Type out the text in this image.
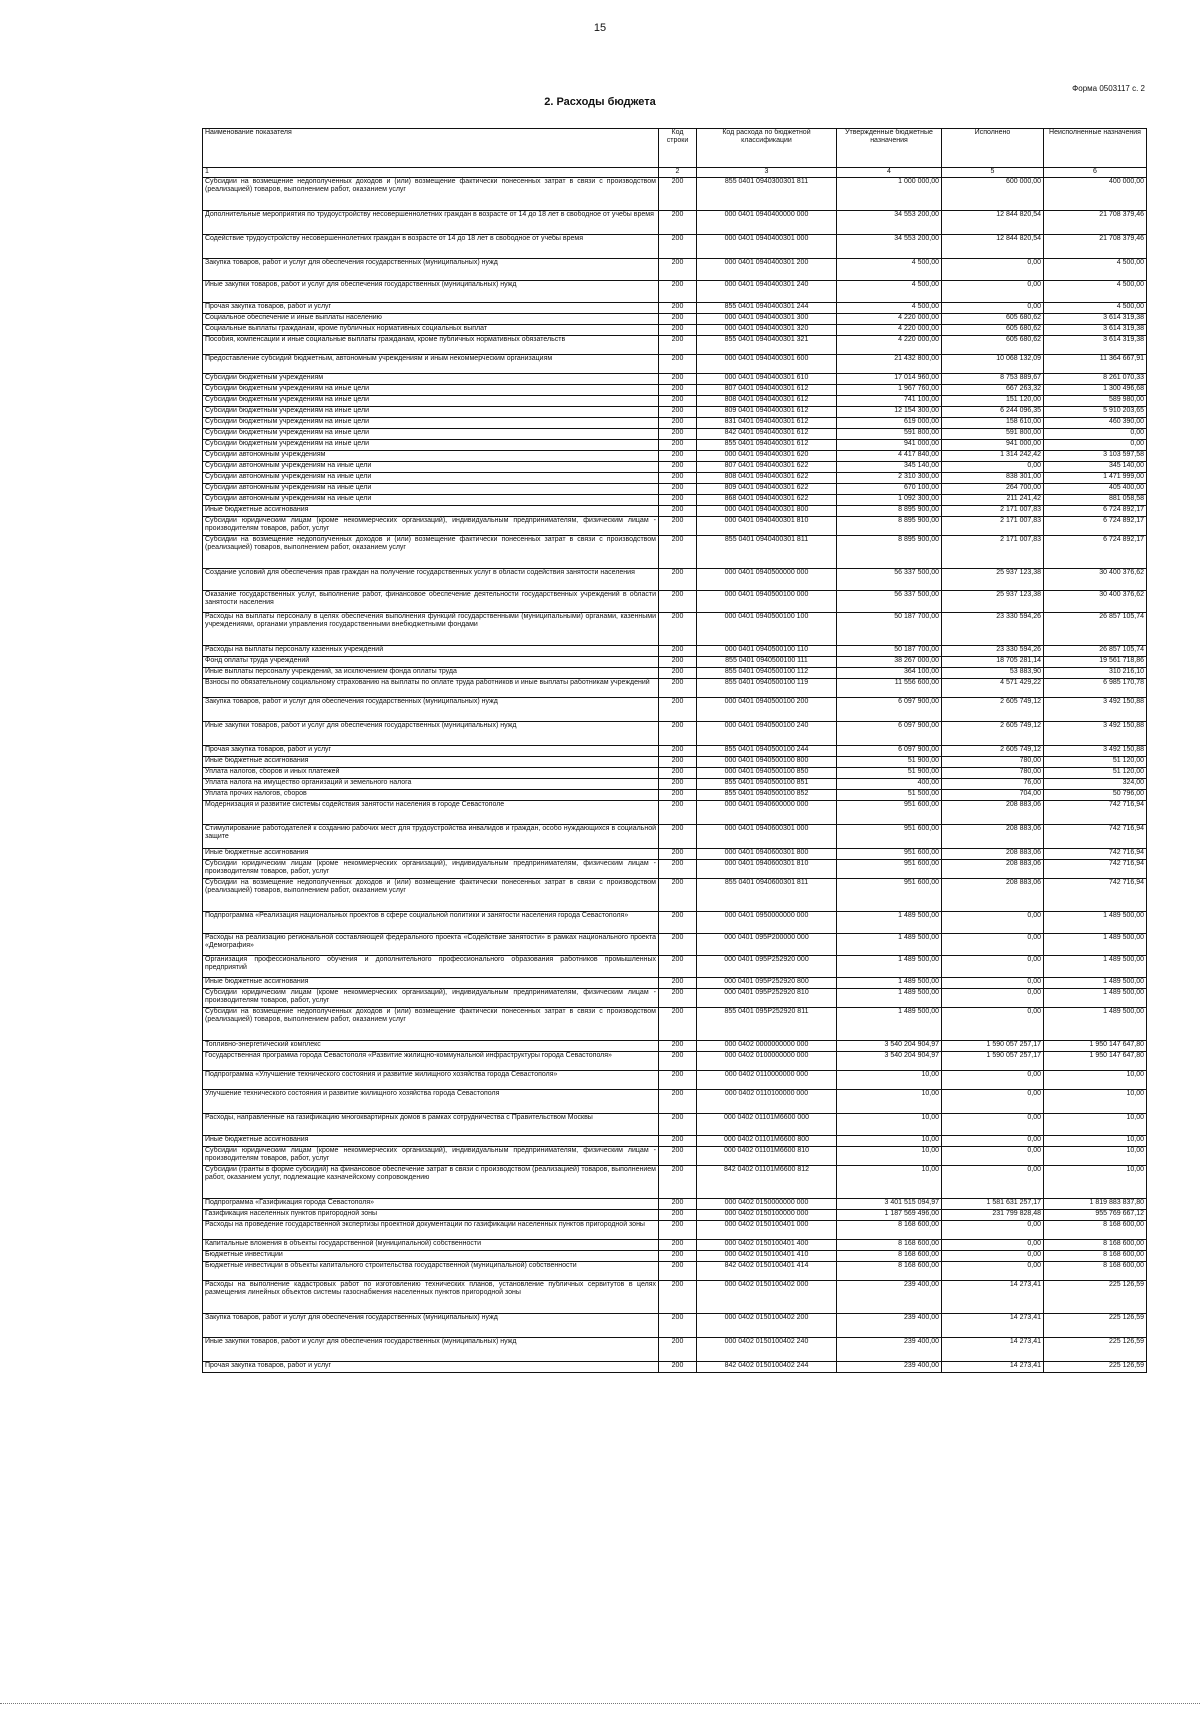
15
Форма 0503117 с. 2
2. Расходы бюджета
Наименование показателя	Код строки	Код расхода по бюджетной классификации	Утвержденные бюджетные назначения	Исполнено	Неисполненные назначения
1	2	3	4	5	6
Субсидии на возмещение недополученных доходов и (или) возмещение фактически понесенных затрат в связи с производством (реализацией) товаров, выполнением работ, оказанием услуг	200	855 0401 0940300301 811	1 000 000,00	600 000,00	400 000,00
Дополнительные мероприятия по трудоустройству несовершеннолетних граждан в возрасте от 14 до 18 лет в свободное от учебы время	200	000 0401 0940400000 000	34 553 200,00	12 844 820,54	21 708 379,46
Содействие трудоустройству несовершеннолетних граждан в возрасте от 14 до 18 лет в свободное от учебы время	200	000 0401 0940400301 000	34 553 200,00	12 844 820,54	21 708 379,46
Закупка товаров, работ и услуг для обеспечения государственных (муниципальных) нужд	200	000 0401 0940400301 200	4 500,00	0,00	4 500,00
Иные закупки товаров, работ и услуг для обеспечения государственных (муниципальных) нужд	200	000 0401 0940400301 240	4 500,00	0,00	4 500,00
Прочая закупка товаров, работ и услуг	200	855 0401 0940400301 244	4 500,00	0,00	4 500,00
Социальное обеспечение и иные выплаты населению	200	000 0401 0940400301 300	4 220 000,00	605 680,62	3 614 319,38
Социальные выплаты гражданам, кроме публичных нормативных социальных выплат	200	000 0401 0940400301 320	4 220 000,00	605 680,62	3 614 319,38
Пособия, компенсации и иные социальные выплаты гражданам, кроме публичных нормативных обязательств	200	855 0401 0940400301 321	4 220 000,00	605 680,62	3 614 319,38
Предоставление субсидий бюджетным, автономным учреждениям и иным некоммерческим организациям	200	000 0401 0940400301 600	21 432 800,00	10 068 132,09	11 364 667,91
Субсидии бюджетным учреждениям	200	000 0401 0940400301 610	17 014 960,00	8 753 889,67	8 261 070,33
Субсидии бюджетным учреждениям на иные цели	200	807 0401 0940400301 612	1 967 760,00	667 263,32	1 300 496,68
Субсидии бюджетным учреждениям на иные цели	200	808 0401 0940400301 612	741 100,00	151 120,00	589 980,00
Субсидии бюджетным учреждениям на иные цели	200	809 0401 0940400301 612	12 154 300,00	6 244 096,35	5 910 203,65
Субсидии бюджетным учреждениям на иные цели	200	831 0401 0940400301 612	619 000,00	158 610,00	460 390,00
Субсидии бюджетным учреждениям на иные цели	200	842 0401 0940400301 612	591 800,00	591 800,00	0,00
Субсидии бюджетным учреждениям на иные цели	200	855 0401 0940400301 612	941 000,00	941 000,00	0,00
Субсидии автономным учреждениям	200	000 0401 0940400301 620	4 417 840,00	1 314 242,42	3 103 597,58
Субсидии автономным учреждениям на иные цели	200	807 0401 0940400301 622	345 140,00	0,00	345 140,00
Субсидии автономным учреждениям на иные цели	200	808 0401 0940400301 622	2 310 300,00	838 301,00	1 471 999,00
Субсидии автономным учреждениям на иные цели	200	809 0401 0940400301 622	670 100,00	264 700,00	405 400,00
Субсидии автономным учреждениям на иные цели	200	868 0401 0940400301 622	1 092 300,00	211 241,42	881 058,58
Иные бюджетные ассигнования	200	000 0401 0940400301 800	8 895 900,00	2 171 007,83	6 724 892,17
Субсидии юридическим лицам (кроме некоммерческих организаций), индивидуальным предпринимателям, физическим лицам - производителям товаров, работ, услуг	200	000 0401 0940400301 810	8 895 900,00	2 171 007,83	6 724 892,17
Субсидии на возмещение недополученных доходов и (или) возмещение фактически понесенных затрат в связи с производством (реализацией) товаров, выполнением работ, оказанием услуг	200	855 0401 0940400301 811	8 895 900,00	2 171 007,83	6 724 892,17
Создание условий для обеспечения прав граждан на получение государственных услуг в области содействия занятости населения	200	000 0401 0940500000 000	56 337 500,00	25 937 123,38	30 400 376,62
Оказание государственных услуг, выполнение работ, финансовое обеспечение деятельности государственных учреждений в области занятости населения	200	000 0401 0940500100 000	56 337 500,00	25 937 123,38	30 400 376,62
Расходы на выплаты персоналу в целях обеспечения выполнения функций государственными (муниципальными) органами, казенными учреждениями, органами управления государственными внебюджетными фондами	200	000 0401 0940500100 100	50 187 700,00	23 330 594,26	26 857 105,74
Расходы на выплаты персоналу казенных учреждений	200	000 0401 0940500100 110	50 187 700,00	23 330 594,26	26 857 105,74
Фонд оплаты труда учреждений	200	855 0401 0940500100 111	38 267 000,00	18 705 281,14	19 561 718,86
Иные выплаты персоналу учреждений, за исключением фонда оплаты труда	200	855 0401 0940500100 112	364 100,00	53 883,90	310 216,10
Взносы по обязательному социальному страхованию на выплаты по оплате труда работников и иные выплаты работникам учреждений	200	855 0401 0940500100 119	11 556 600,00	4 571 429,22	6 985 170,78
Закупка товаров, работ и услуг для обеспечения государственных (муниципальных) нужд	200	000 0401 0940500100 200	6 097 900,00	2 605 749,12	3 492 150,88
Иные закупки товаров, работ и услуг для обеспечения государственных (муниципальных) нужд	200	000 0401 0940500100 240	6 097 900,00	2 605 749,12	3 492 150,88
Прочая закупка товаров, работ и услуг	200	855 0401 0940500100 244	6 097 900,00	2 605 749,12	3 492 150,88
Иные бюджетные ассигнования	200	000 0401 0940500100 800	51 900,00	780,00	51 120,00
Уплата налогов, сборов и иных платежей	200	000 0401 0940500100 850	51 900,00	780,00	51 120,00
Уплата налога на имущество организаций и земельного налога	200	855 0401 0940500100 851	400,00	76,00	324,00
Уплата прочих налогов, сборов	200	855 0401 0940500100 852	51 500,00	704,00	50 796,00
Модернизация и развитие системы содействия занятости населения в городе Севастополе	200	000 0401 0940600000 000	951 600,00	208 883,06	742 716,94
Стимулирование работодателей к созданию рабочих мест для трудоустройства инвалидов и граждан, особо нуждающихся в социальной защите	200	000 0401 0940600301 000	951 600,00	208 883,06	742 716,94
Иные бюджетные ассигнования	200	000 0401 0940600301 800	951 600,00	208 883,06	742 716,94
Субсидии юридическим лицам (кроме некоммерческих организаций), индивидуальным предпринимателям, физическим лицам - производителям товаров, работ, услуг	200	000 0401 0940600301 810	951 600,00	208 883,06	742 716,94
Субсидии на возмещение недополученных доходов и (или) возмещение фактически понесенных затрат в связи с производством (реализацией) товаров, выполнением работ, оказанием услуг	200	855 0401 0940600301 811	951 600,00	208 883,06	742 716,94
Подпрограмма «Реализация национальных проектов в сфере социальной политики и занятости населения города Севастополя»	200	000 0401 0950000000 000	1 489 500,00	0,00	1 489 500,00
Расходы на реализацию региональной составляющей федерального проекта «Содействие занятости» в рамках национального проекта «Демография»	200	000 0401 095P200000 000	1 489 500,00	0,00	1 489 500,00
Организация профессионального обучения и дополнительного профессионального образования работников промышленных предприятий	200	000 0401 095P252920 000	1 489 500,00	0,00	1 489 500,00
Иные бюджетные ассигнования	200	000 0401 095P252920 800	1 489 500,00	0,00	1 489 500,00
Субсидии юридическим лицам (кроме некоммерческих организаций), индивидуальным предпринимателям, физическим лицам - производителям товаров, работ, услуг	200	000 0401 095P252920 810	1 489 500,00	0,00	1 489 500,00
Субсидии на возмещение недополученных доходов и (или) возмещение фактически понесенных затрат в связи с производством (реализацией) товаров, выполнением работ, оказанием услуг	200	855 0401 095P252920 811	1 489 500,00	0,00	1 489 500,00
Топливно-энергетический комплекс	200	000 0402 0000000000 000	3 540 204 904,97	1 590 057 257,17	1 950 147 647,80
Государственная программа города Севастополя «Развитие жилищно-коммунальной инфраструктуры города Севастополя»	200	000 0402 0100000000 000	3 540 204 904,97	1 590 057 257,17	1 950 147 647,80
Подпрограмма «Улучшение технического состояния и развитие жилищного хозяйства города Севастополя»	200	000 0402 0110000000 000	10,00	0,00	10,00
Улучшение технического состояния и развитие жилищного хозяйства города Севастополя	200	000 0402 0110100000 000	10,00	0,00	10,00
Расходы, направленные на газификацию многоквартирных домов в рамках сотрудничества с Правительством Москвы	200	000 0402 01101М6600 000	10,00	0,00	10,00
Иные бюджетные ассигнования	200	000 0402 01101М6600 800	10,00	0,00	10,00
Субсидии юридическим лицам (кроме некоммерческих организаций), индивидуальным предпринимателям, физическим лицам - производителям товаров, работ, услуг	200	000 0402 01101М6600 810	10,00	0,00	10,00
Субсидии (гранты в форме субсидий) на финансовое обеспечение затрат в связи с производством (реализацией) товаров, выполнением работ, оказанием услуг, подлежащие казначейскому сопровождению	200	842 0402 01101М6600 812	10,00	0,00	10,00
Подпрограмма «Газификация города Севастополя»	200	000 0402 0150000000 000	3 401 515 094,97	1 581 631 257,17	1 819 883 837,80
Газификация населенных пунктов пригородной зоны	200	000 0402 0150100000 000	1 187 569 496,00	231 799 828,48	955 769 667,12
Расходы на проведение государственной экспертизы проектной документации по газификации населенных пунктов пригородной зоны	200	000 0402 0150100401 000	8 168 600,00	0,00	8 168 600,00
Капитальные вложения в объекты государственной (муниципальной) собственности	200	000 0402 0150100401 400	8 168 600,00	0,00	8 168 600,00
Бюджетные инвестиции	200	000 0402 0150100401 410	8 168 600,00	0,00	8 168 600,00
Бюджетные инвестиции в объекты капитального строительства государственной (муниципальной) собственности	200	842 0402 0150100401 414	8 168 600,00	0,00	8 168 600,00
Расходы на выполнение кадастровых работ по изготовлению технических планов, установление публичных сервитутов в целях размещения линейных объектов системы газоснабжения населенных пунктов пригородной зоны	200	000 0402 0150100402 000	239 400,00	14 273,41	225 126,59
Закупка товаров, работ и услуг для обеспечения государственных (муниципальных) нужд	200	000 0402 0150100402 200	239 400,00	14 273,41	225 126,59
Иные закупки товаров, работ и услуг для обеспечения государственных (муниципальных) нужд	200	000 0402 0150100402 240	239 400,00	14 273,41	225 126,59
Прочая закупка товаров, работ и услуг	200	842 0402 0150100402 244	239 400,00	14 273,41	225 126,59
